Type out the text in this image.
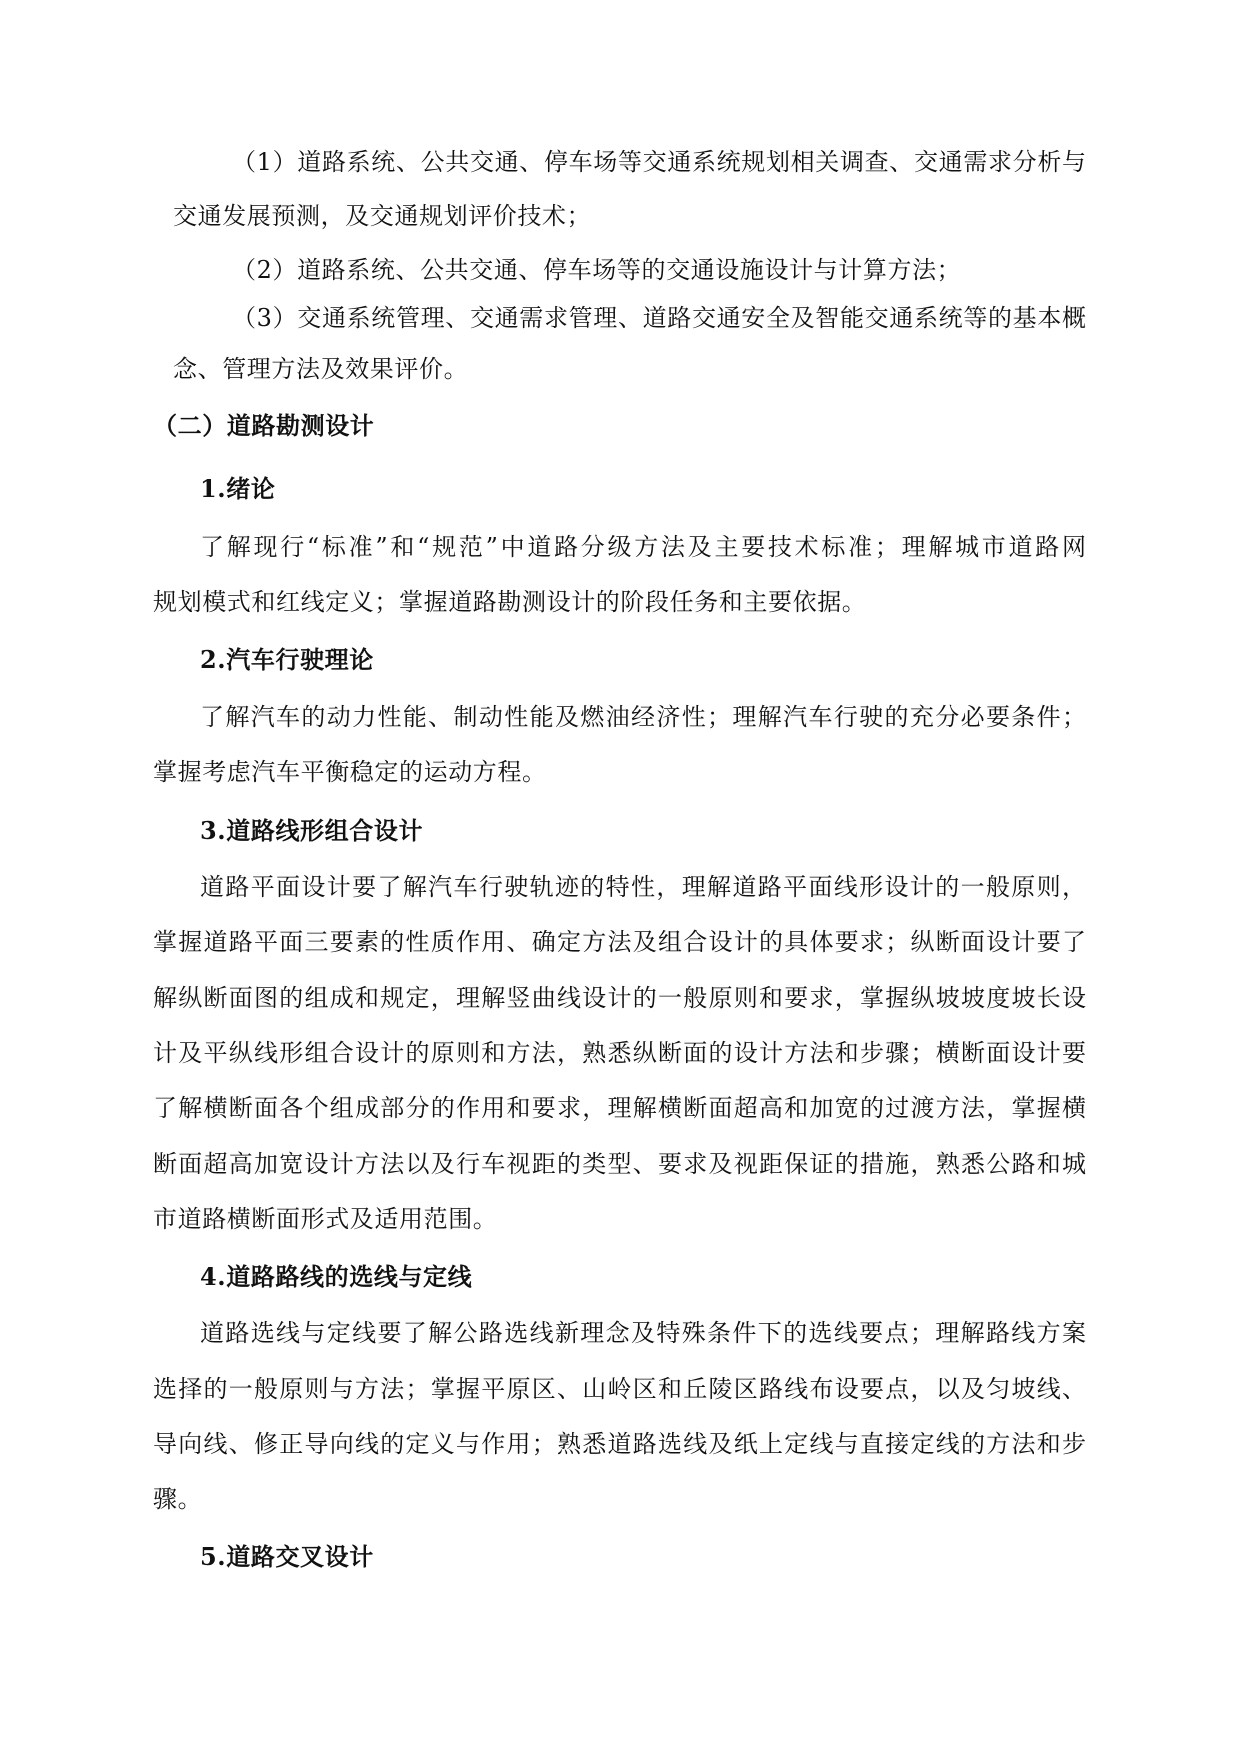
（1）道路系统、公共交通、停车场等交通系统规划相关调查、交通需求分析与
交通发展预测，及交通规划评价技术；
（2）道路系统、公共交通、停车场等的交通设施设计与计算方法；
（3）交通系统管理、交通需求管理、道路交通安全及智能交通系统等的基本概
念、管理方法及效果评价。
（二）道路勘测设计
1.绪论
了解现行“标准”和“规范”中道路分级方法及主要技术标准；理解城市道路网
规划模式和红线定义；掌握道路勘测设计的阶段任务和主要依据。
2.汽车行驶理论
了解汽车的动力性能、制动性能及燃油经济性；理解汽车行驶的充分必要条件；
掌握考虑汽车平衡稳定的运动方程。
3.道路线形组合设计
道路平面设计要了解汽车行驶轨迹的特性，理解道路平面线形设计的一般原则，
掌握道路平面三要素的性质作用、确定方法及组合设计的具体要求；纵断面设计要了
解纵断面图的组成和规定，理解竖曲线设计的一般原则和要求，掌握纵坡坡度坡长设
计及平纵线形组合设计的原则和方法，熟悉纵断面的设计方法和步骤；横断面设计要
了解横断面各个组成部分的作用和要求，理解横断面超高和加宽的过渡方法，掌握横
断面超高加宽设计方法以及行车视距的类型、要求及视距保证的措施，熟悉公路和城
市道路横断面形式及适用范围。
4.道路路线的选线与定线
道路选线与定线要了解公路选线新理念及特殊条件下的选线要点；理解路线方案
选择的一般原则与方法；掌握平原区、山岭区和丘陵区路线布设要点，以及匀坡线、
导向线、修正导向线的定义与作用；熟悉道路选线及纸上定线与直接定线的方法和步
骤。
5.道路交叉设计
